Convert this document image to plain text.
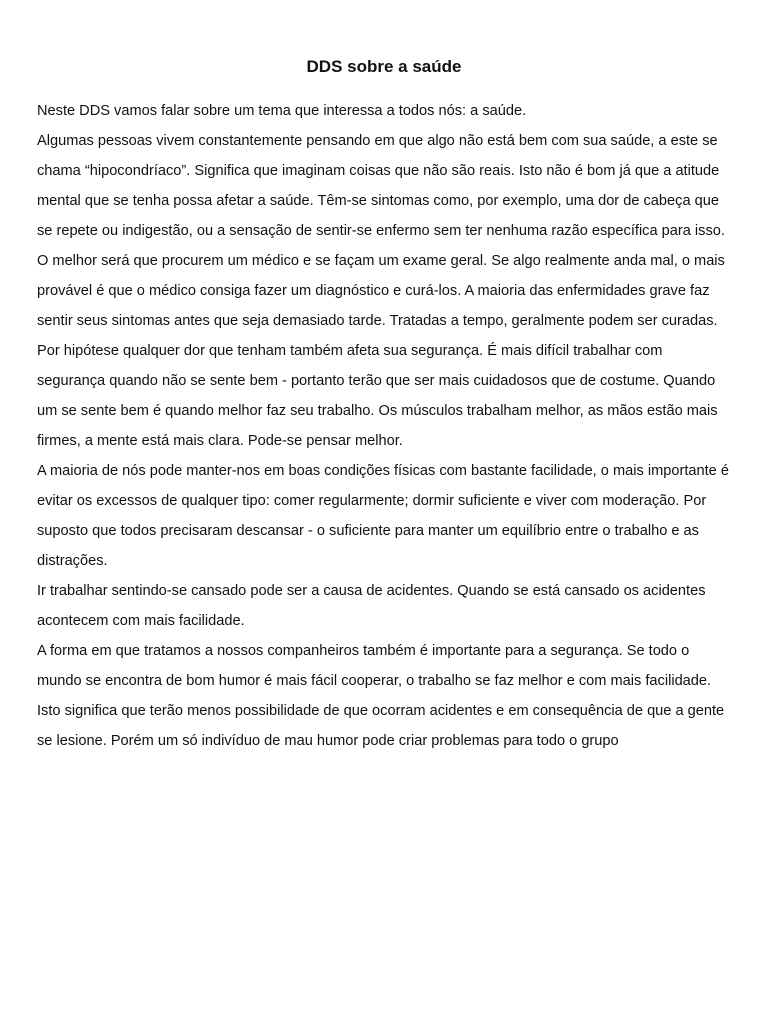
DDS sobre a saúde

Neste DDS vamos falar sobre um tema que interessa a todos nós: a saúde.

Algumas pessoas vivem constantemente pensando em que algo não está bem com sua saúde, a este se chama “hipocondríaco”. Significa que imaginam coisas que não são reais. Isto não é bom já que a atitude mental que se tenha possa afetar a saúde. Têm-se sintomas como, por exemplo, uma dor de cabeça que se repete ou indigestão, ou a sensação de sentir-se enfermo sem ter nenhuma razão específica para isso. O melhor será que procurem um médico e se façam um exame geral. Se algo realmente anda mal, o mais provável é que o médico consiga fazer um diagnóstico e curá-los. A maioria das enfermidades grave faz sentir seus sintomas antes que seja demasiado tarde. Tratadas a tempo, geralmente podem ser curadas.

Por hipótese qualquer dor que tenham também afeta sua segurança. É mais difícil trabalhar com segurança quando não se sente bem - portanto terão que ser mais cuidadosos que de costume. Quando um se sente bem é quando melhor faz seu trabalho. Os músculos trabalham melhor, as mãos estão mais firmes, a mente está mais clara. Pode-se pensar melhor.

A maioria de nós pode manter-nos em boas condições físicas com bastante facilidade, o mais importante é evitar os excessos de qualquer tipo: comer regularmente; dormir suficiente e viver com moderação. Por suposto que todos precisaram descansar - o suficiente para manter um equilíbrio entre o trabalho e as distrações.

Ir trabalhar sentindo-se cansado pode ser a causa de acidentes. Quando se está cansado os acidentes acontecem com mais facilidade.

A forma em que tratamos a nossos companheiros também é importante para a segurança. Se todo o mundo se encontra de bom humor é mais fácil cooperar, o trabalho se faz melhor e com mais facilidade. Isto significa que terão menos possibilidade de que ocorram acidentes e em consequência de que a gente se lesione. Porém um só indivíduo de mau humor pode criar problemas para todo o grupo
